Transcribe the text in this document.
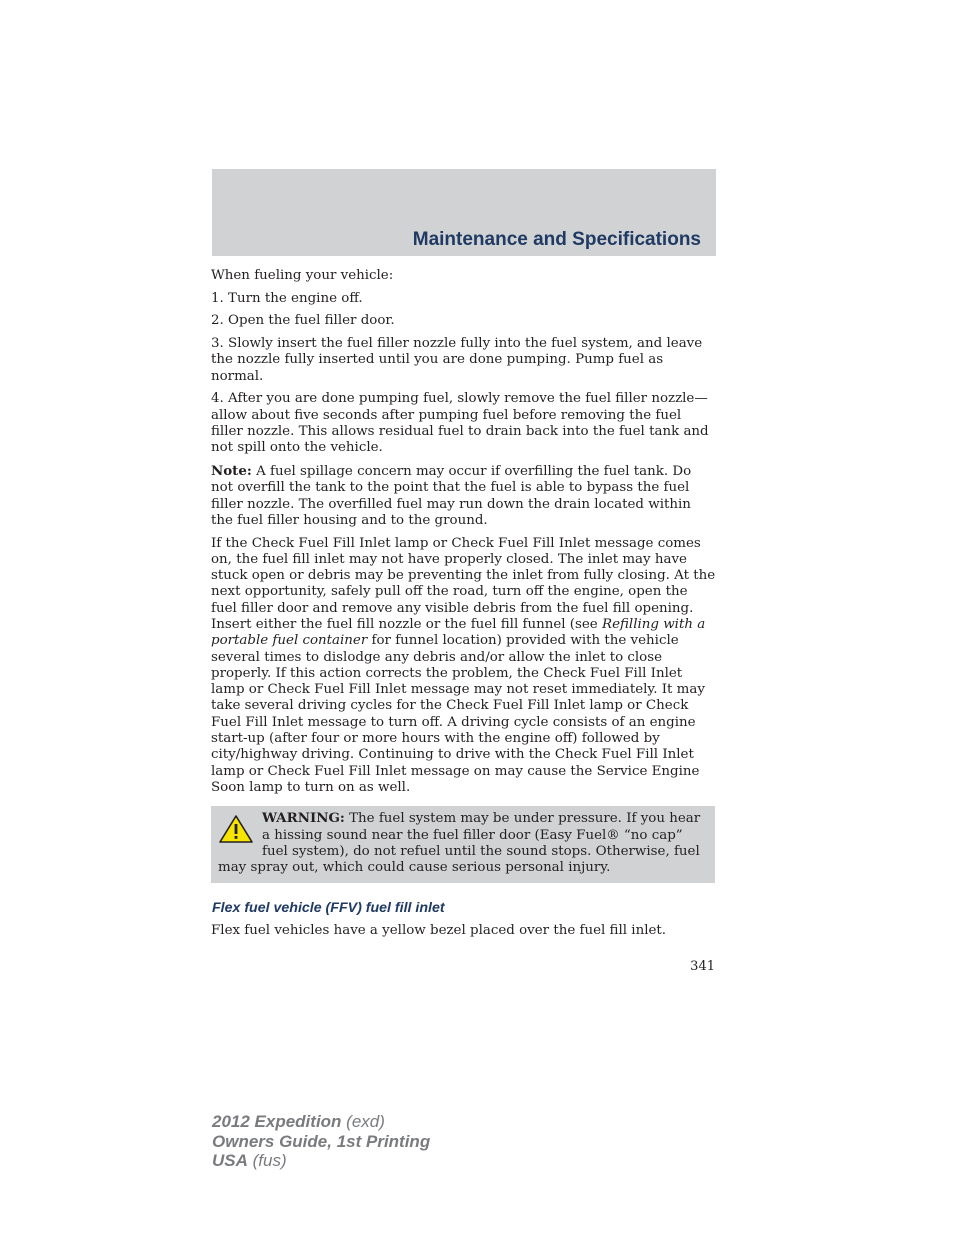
Maintenance and Specifications

When fueling your vehicle:

1. Turn the engine off.

2. Open the fuel filler door.

3. Slowly insert the fuel filler nozzle fully into the fuel system, and leave the nozzle fully inserted until you are done pumping. Pump fuel as normal.

4. After you are done pumping fuel, slowly remove the fuel filler nozzle—allow about five seconds after pumping fuel before removing the fuel filler nozzle. This allows residual fuel to drain back into the fuel tank and not spill onto the vehicle.

Note: A fuel spillage concern may occur if overfilling the fuel tank. Do not overfill the tank to the point that the fuel is able to bypass the fuel filler nozzle. The overfilled fuel may run down the drain located within the fuel filler housing and to the ground.

If the Check Fuel Fill Inlet lamp or Check Fuel Fill Inlet message comes on, the fuel fill inlet may not have properly closed. The inlet may have stuck open or debris may be preventing the inlet from fully closing. At the next opportunity, safely pull off the road, turn off the engine, open the fuel filler door and remove any visible debris from the fuel fill opening. Insert either the fuel fill nozzle or the fuel fill funnel (see Refilling with a portable fuel container for funnel location) provided with the vehicle several times to dislodge any debris and/or allow the inlet to close properly. If this action corrects the problem, the Check Fuel Fill Inlet lamp or Check Fuel Fill Inlet message may not reset immediately. It may take several driving cycles for the Check Fuel Fill Inlet lamp or Check Fuel Fill Inlet message to turn off. A driving cycle consists of an engine start-up (after four or more hours with the engine off) followed by city/highway driving. Continuing to drive with the Check Fuel Fill Inlet lamp or Check Fuel Fill Inlet message on may cause the Service Engine Soon lamp to turn on as well.

WARNING: The fuel system may be under pressure. If you hear a hissing sound near the fuel filler door (Easy Fuel® “no cap” fuel system), do not refuel until the sound stops. Otherwise, fuel may spray out, which could cause serious personal injury.

Flex fuel vehicle (FFV) fuel fill inlet

Flex fuel vehicles have a yellow bezel placed over the fuel fill inlet.

341
2012 Expedition (exd)
Owners Guide, 1st Printing
USA (fus)
